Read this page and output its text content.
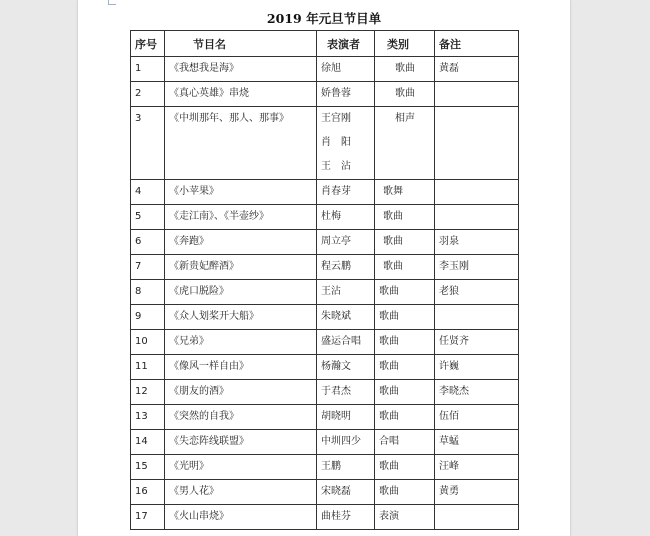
2019 年元旦节目单
序号	节目名	表演者	类别	备注
1	《我想我是海》	徐旭	歌曲	黄磊
2	《真心英雄》串烧	娇鲁蓉	歌曲	
3	《中圳那年、那人、那事》	王宫刚
肖　阳
王　沾	相声	
4	《小苹果》	肖春芽	歌舞	
5	《走江南》、《半壶纱》	杜梅	歌曲	
6	《奔跑》	周立亭	歌曲	羽泉
7	《新贵妃醉酒》	程云鹏	歌曲	李玉刚
8	《虎口脱险》	王沾	歌曲	老狼
9	《众人划桨开大船》	朱晓斌	歌曲	
10	《兄弟》	盛运合唱	歌曲	任贤齐
11	《像风一样自由》	杨瀚文	歌曲	许巍
12	《朋友的酒》	于君杰	歌曲	李晓杰
13	《突然的自我》	胡晓明	歌曲	伍佰
14	《失恋阵线联盟》	中圳四少	合唱	草蜢
15	《光明》	王鹏	歌曲	汪峰
16	《男人花》	宋晓磊	歌曲	黄勇
17	《火山串烧》	曲桂芬	表演	
